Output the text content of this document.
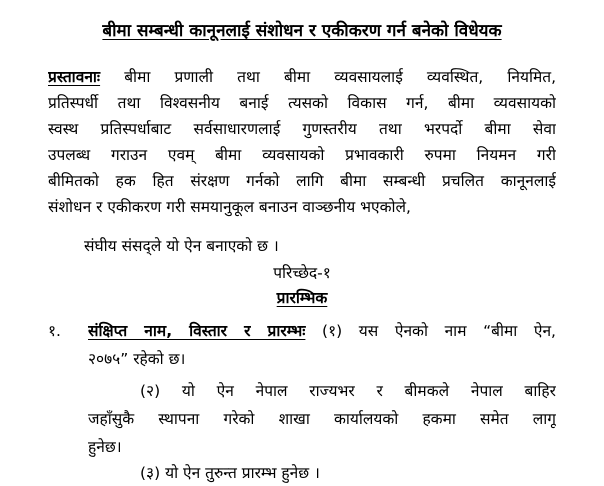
बीमा सम्बन्धी कानूनलाई संशोधन र एकीकरण गर्न बनेको विधेयक
प्रस्तावनाः बीमा प्रणाली तथा बीमा व्यवसायलाई व्यवस्थित, नियमित,
प्रतिस्पर्धी तथा विश्वसनीय बनाई त्यसको विकास गर्न, बीमा व्यवसायको
स्वस्थ प्रतिस्पर्धाबाट सर्वसाधारणलाई गुणस्तरीय तथा भरपर्दो बीमा सेवा
उपलब्ध गराउन एवम् बीमा व्यवसायको प्रभावकारी रुपमा नियमन गरी
बीमितको हक हित संरक्षण गर्नको लागि बीमा सम्बन्धी प्रचलित कानूनलाई
संशोधन र एकीकरण गरी समयानुकूल बनाउन वाञ्छनीय भएकोले,
संघीय संसद्ले यो ऐन बनाएको छ ।
परिच्छेद-१
प्रारम्भिक
१. संक्षिप्त नाम, विस्तार र प्रारम्भः (१) यस ऐनको नाम “बीमा ऐन,
२०७५” रहेको छ।
(२) यो ऐन नेपाल राज्यभर र बीमकले नेपाल बाहिर
जहाँसुकै स्थापना गरेको शाखा कार्यालयको हकमा समेत लागू
हुनेछ।
(३) यो ऐन तुरुन्त प्रारम्भ हुनेछ ।
